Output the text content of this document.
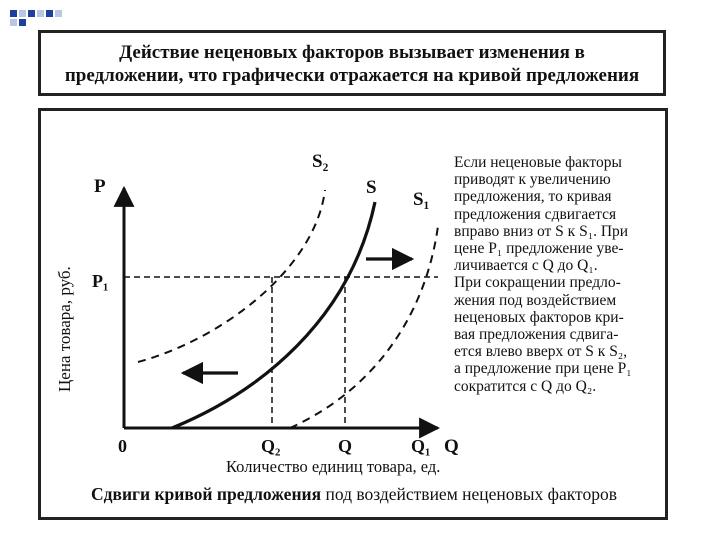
Действие неценовых факторов вызывает изменения в
предложении, что графически отражается на кривой предложения
P
Цена товара, руб. P₁
0	Q₂	Q	Q₁ Q
Количество единиц товара, ед.
S₂
S
S₁
Если неценовые факторы
приводят к увеличению
предложения, то кривая
предложения сдвигается
вправо вниз от S к S₁. При
цене P₁ предложение уве-
личивается с Q до Q₁.
При сокращении предло-
жения под воздействием
неценовых факторов кри-
вая предложения сдвига-
ется влево вверх от S к S₂,
а предложение при цене P₁
сократится с Q до Q₂.
Сдвиги кривой предложения под воздействием неценовых факторов
